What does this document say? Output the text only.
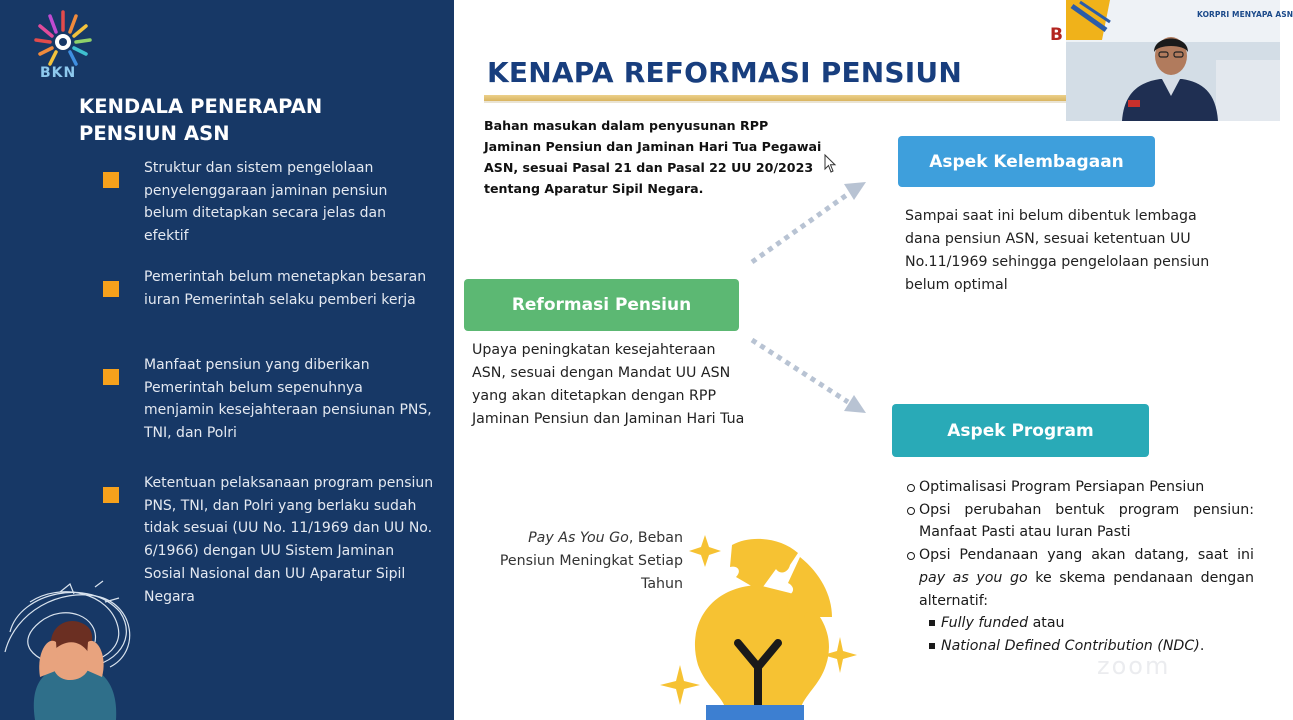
BKN
KENDALA PENERAPAN PENSIUN ASN
Struktur dan sistem pengelolaan penyelenggaraan jaminan pensiun belum ditetapkan secara jelas dan efektif
Pemerintah belum menetapkan besaran iuran Pemerintah selaku pemberi kerja
Manfaat pensiun yang diberikan Pemerintah belum sepenuhnya menjamin kesejahteraan pensiunan PNS, TNI, dan Polri
Ketentuan pelaksanaan program pensiun PNS, TNI, dan Polri yang berlaku sudah tidak sesuai (UU No. 11/1969 dan UU No. 6/1966) dengan UU Sistem Jaminan Sosial Nasional dan UU Aparatur Sipil Negara
KENAPA REFORMASI PENSIUN
Bahan masukan dalam penyusunan RPP Jaminan Pensiun dan Jaminan Hari Tua Pegawai ASN, sesuai Pasal 21 dan Pasal 22 UU 20/2023 tentang Aparatur Sipil Negara.
Reformasi Pensiun
Upaya peningkatan kesejahteraan ASN, sesuai dengan Mandat UU ASN yang akan ditetapkan dengan RPP Jaminan Pensiun dan Jaminan Hari Tua
Aspek Kelembagaan
Sampai saat ini belum dibentuk lembaga dana pensiun ASN, sesuai ketentuan UU No.11/1969 sehingga pengelolaan pensiun belum optimal
Aspek Program
Optimalisasi Program Persiapan Pensiun
Opsi perubahan bentuk program pensiun: Manfaat Pasti atau Iuran Pasti
Opsi Pendanaan yang akan datang, saat ini pay as you go ke skema pendanaan dengan alternatif:
Fully funded atau
National Defined Contribution (NDC).
Pay As You Go, Beban Pensiun Meningkat Setiap Tahun
B
KORPRI MENYAPA ASN
zoom
